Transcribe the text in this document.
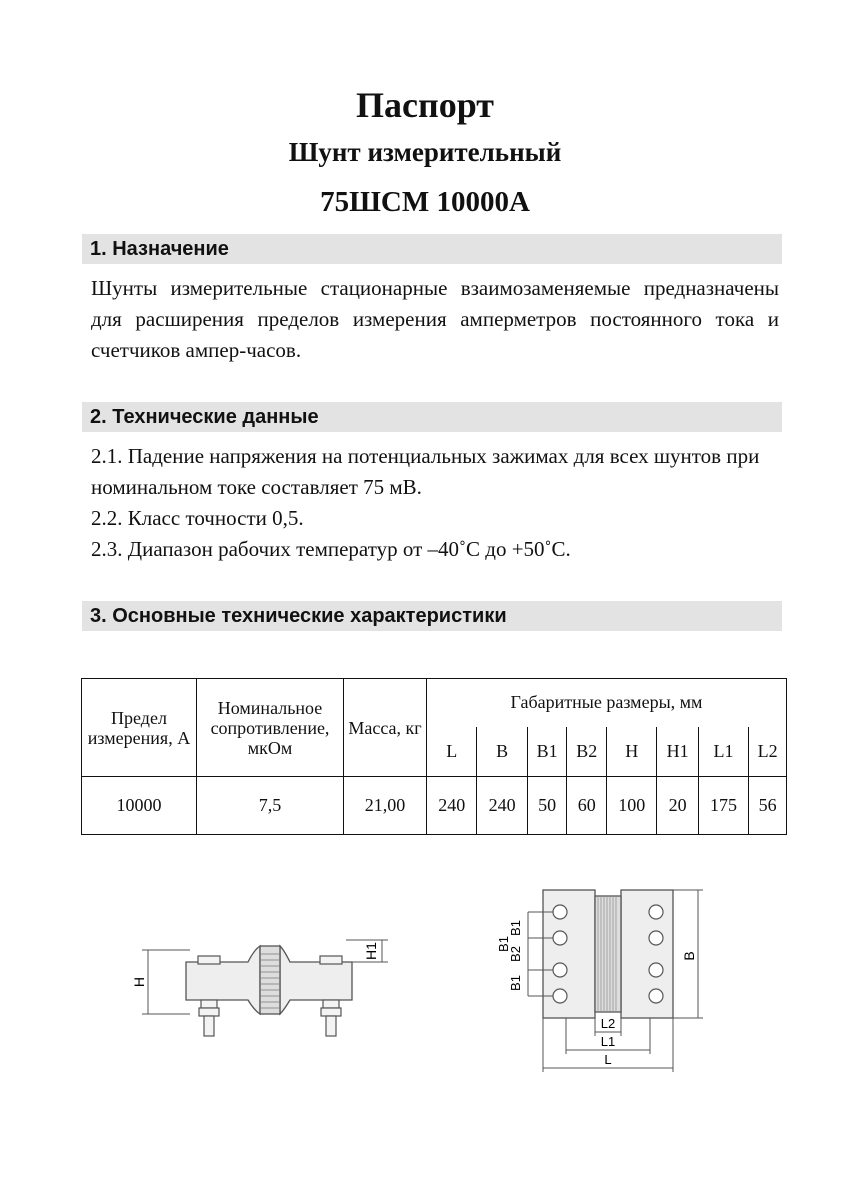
Паспорт
Шунт измерительный
75ШСМ 10000А
1. Назначение
Шунты измерительные стационарные взаимозаменяемые предназначены для расширения пределов измерения амперметров постоянного тока и счетчиков ампер-часов.
2. Технические данные
2.1. Падение напряжения на потенциальных зажимах для всех шунтов при номинальном токе составляет 75 мВ.
2.2. Класс точности 0,5.
2.3. Диапазон рабочих температур от –40˚С до +50˚С.
3. Основные технические характеристики
Предел измерения, А	Номинальное сопротивление, мкОм	Масса, кг	Габаритные размеры, мм							
			L	B	B1	B2	H	H1	L1	L2
10000	7,5	21,00	240	240	50	60	100	20	175	56
H
H1
B1
B2
B1
B1
B
L2
L1
L
